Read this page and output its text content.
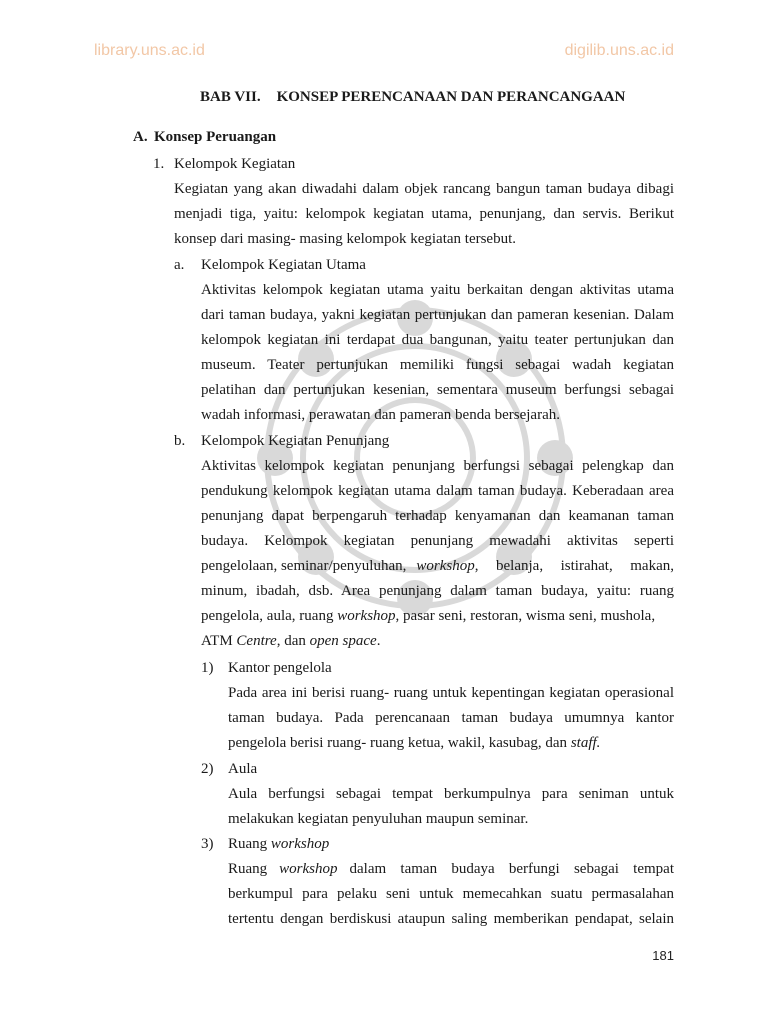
library.uns.ac.id	digilib.uns.ac.id
BAB VII. KONSEP PERENCANAAN DAN PERANCANGAAN
A. Konsep Peruangan
1. Kelompok Kegiatan
Kegiatan yang akan diwadahi dalam objek rancang bangun taman budaya dibagi
menjadi tiga, yaitu: kelompok kegiatan utama, penunjang, dan servis. Berikut
konsep dari masing- masing kelompok kegiatan tersebut.
a. Kelompok Kegiatan Utama
Aktivitas kelompok kegiatan utama yaitu berkaitan dengan aktivitas utama
dari taman budaya, yakni kegiatan pertunjukan dan pameran kesenian. Dalam
kelompok kegiatan ini terdapat dua bangunan, yaitu teater pertunjukan dan
museum. Teater pertunjukan memiliki fungsi sebagai wadah kegiatan
pelatihan dan pertunjukan kesenian, sementara museum berfungsi sebagai
wadah informasi, perawatan dan pameran benda bersejarah.
b. Kelompok Kegiatan Penunjang
Aktivitas kelompok kegiatan penunjang berfungsi sebagai pelengkap dan
pendukung kelompok kegiatan utama dalam taman budaya. Keberadaan area
penunjang dapat berpengaruh terhadap kenyamanan dan keamanan taman
budaya. Kelompok kegiatan penunjang mewadahi aktivitas seperti
pengelolaan, seminar/penyuluhan, workshop , belanja, istirahat, makan,
minum, ibadah, dsb. Area penunjang dalam taman budaya, yaitu: ruang
pengelola, aula, ruang workshop, pasar seni, restoran, wisma seni, mushola,
ATM Centre, dan open space.
1) Kantor pengelola
Pada area ini berisi ruang- ruang untuk kepentingan kegiatan operasional
taman budaya. Pada perencanaan taman budaya umumnya kantor
pengelola berisi ruang- ruang ketua, wakil, kasubag, dan staff.
2) Aula
Aula berfungsi sebagai tempat berkumpulnya para seniman untuk
melakukan kegiatan penyuluhan maupun seminar.
3) Ruang workshop
Ruang workshop dalam taman budaya berfungi sebagai tempat
berkumpul para pelaku seni untuk memecahkan suatu permasalahan
tertentu dengan berdiskusi ataupun saling memberikan pendapat, selain
181
